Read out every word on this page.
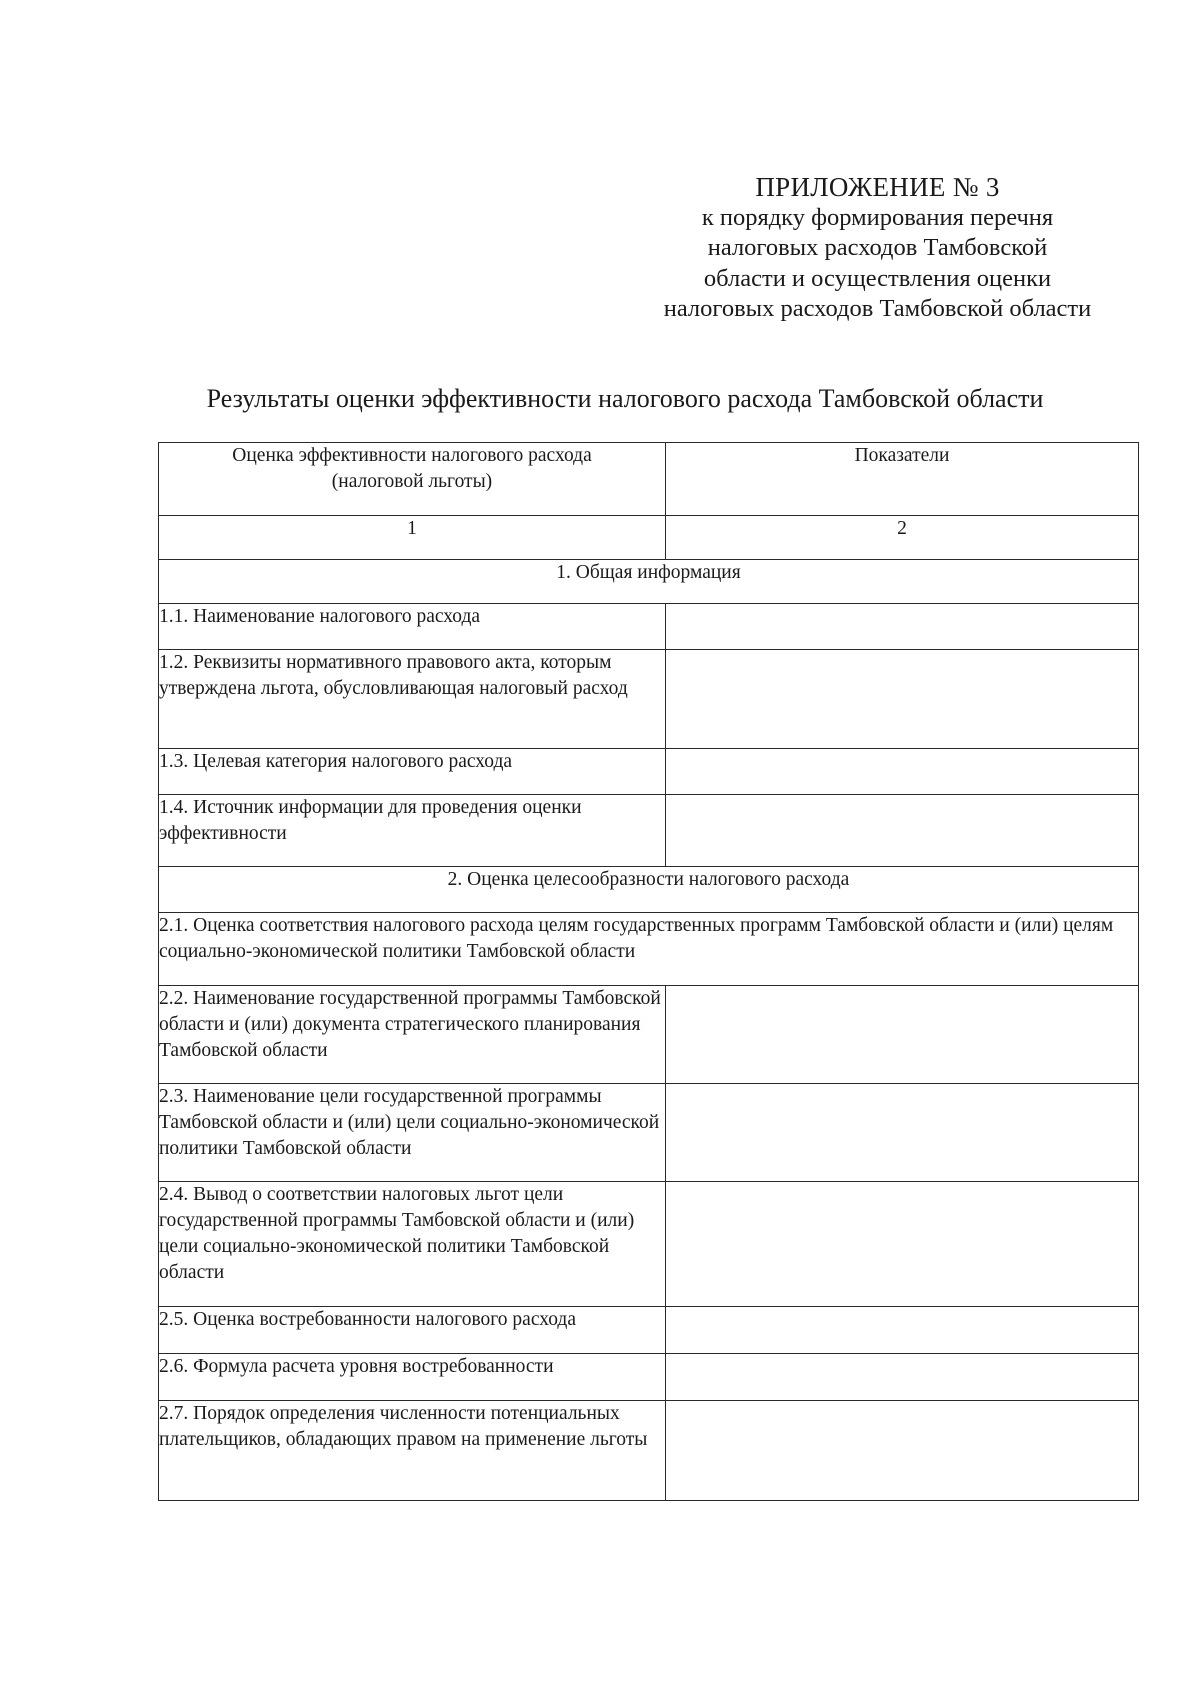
ПРИЛОЖЕНИЕ № 3
к порядку формирования перечня
налоговых расходов Тамбовской
области и осуществления оценки
налоговых расходов Тамбовской области
Результаты оценки эффективности налогового расхода Тамбовской области
Оценка эффективности налогового расхода
(налоговой льготы)	Показатели
1	2
1. Общая информация	
1.1. Наименование налогового расхода	
1.2. Реквизиты нормативного правового акта, которым утверждена льгота, обусловливающая налоговый расход	
1.3. Целевая категория налогового расхода	
1.4. Источник информации для проведения оценки эффективности	
2. Оценка целесообразности налогового расхода	
2.1. Оценка соответствия налогового расхода целям государственных программ Тамбовской области и (или) целям социально-экономической политики Тамбовской области	
2.2. Наименование государственной программы Тамбовской области и (или) документа стратегического планирования Тамбовской области	
2.3. Наименование цели государственной программы Тамбовской области и (или) цели социально-экономической политики Тамбовской области	
2.4. Вывод о соответствии налоговых льгот цели государственной программы Тамбовской области и (или) цели социально-экономической политики Тамбовской области	
2.5. Оценка востребованности налогового расхода	
2.6. Формула расчета уровня востребованности	
2.7. Порядок определения численности потенциальных плательщиков, обладающих правом на применение льготы	
